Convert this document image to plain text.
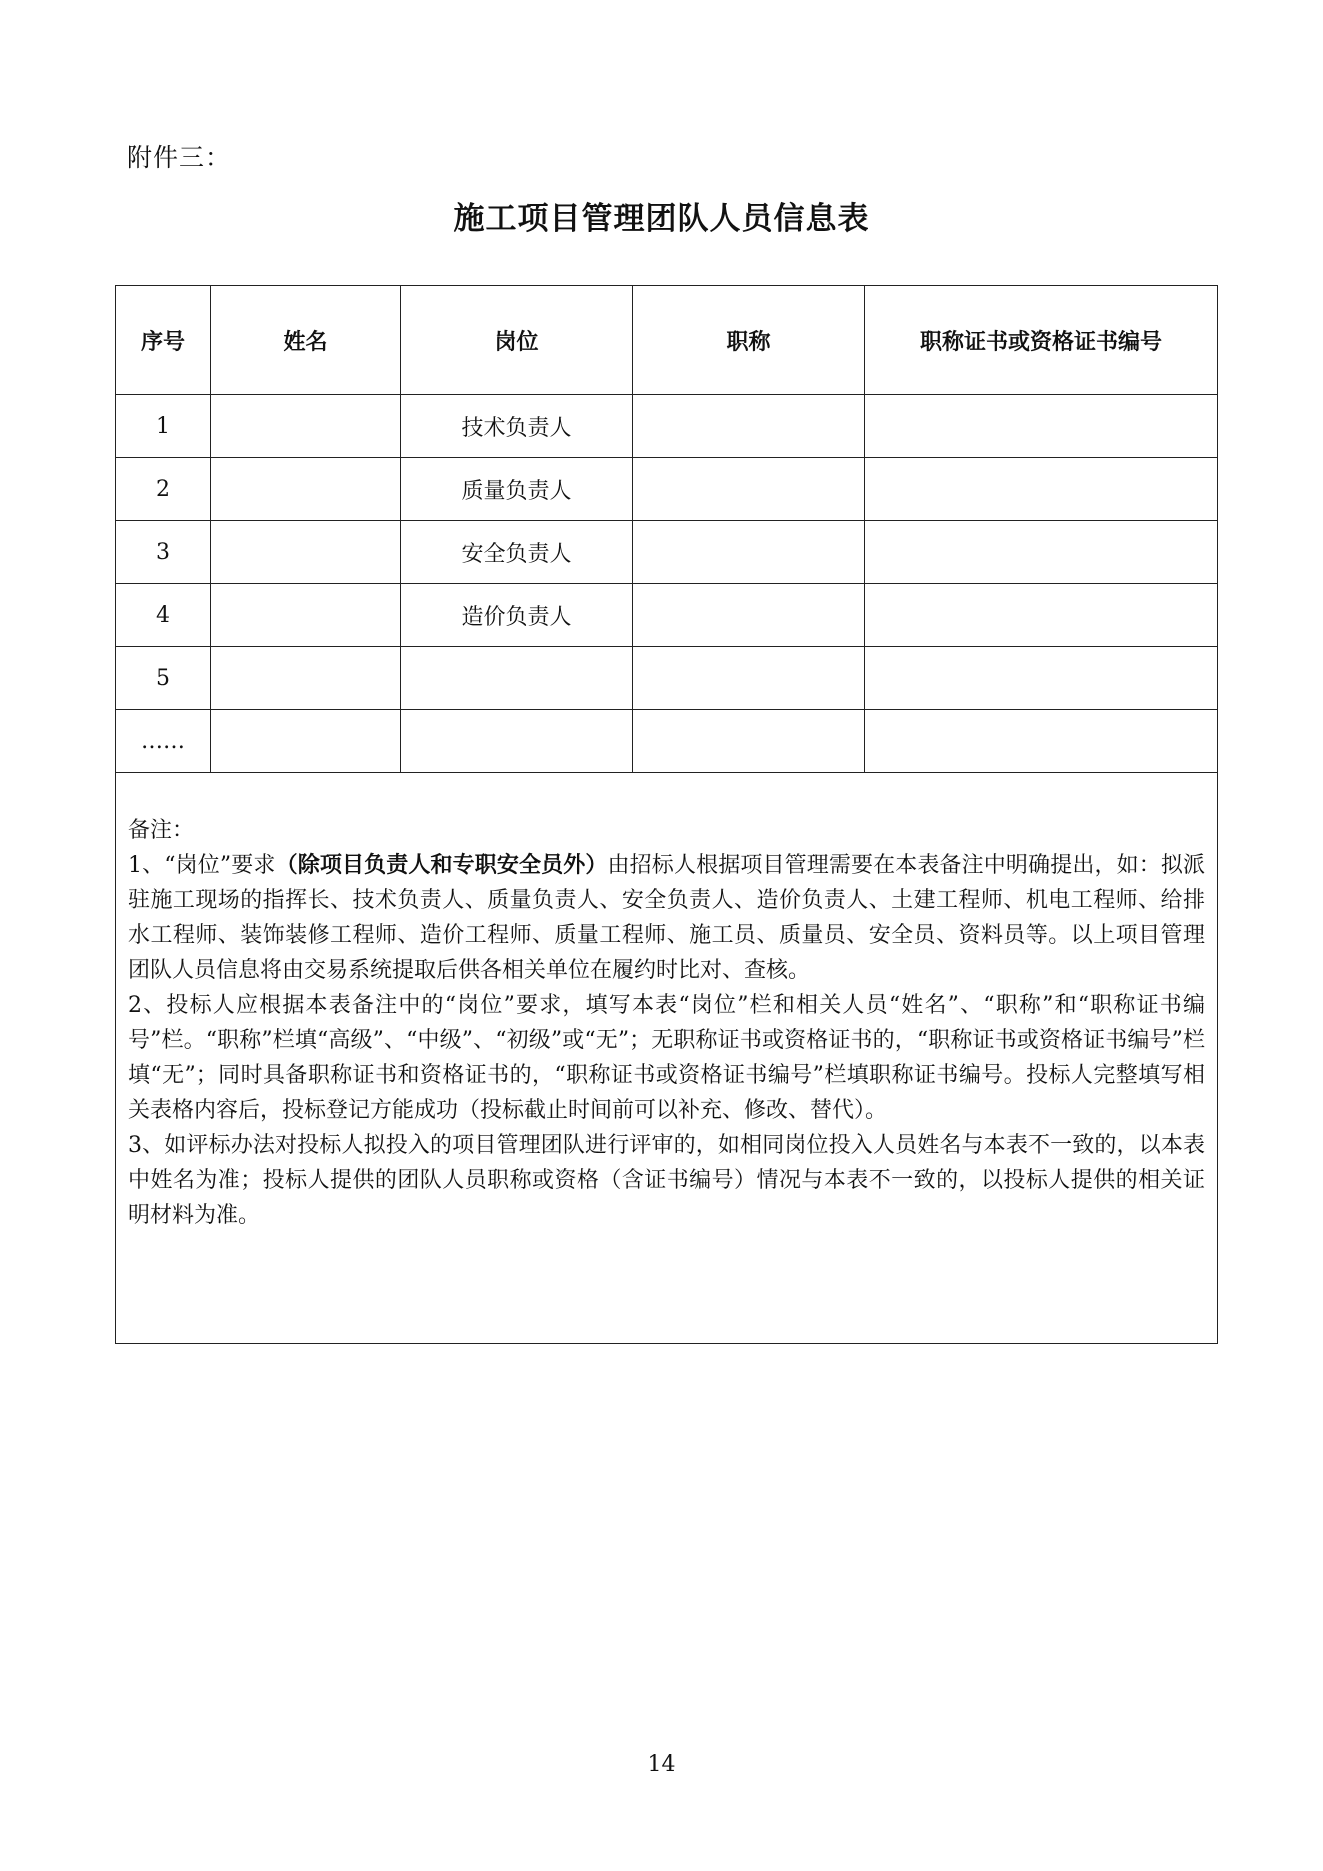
附件三：
施工项目管理团队人员信息表
序号	姓名	岗位	职称	职称证书或资格证书编号
1		技术负责人		
2		质量负责人		
3		安全负责人		
4		造价负责人		
5				
……				

备注：

1、“岗位”要求（除项目负责人和专职安全员外）由招标人根据项目管理需要在本表备注中明确提出，如：拟派驻施工现场的指挥长、技术负责人、质量负责人、安全负责人、造价负责人、土建工程师、机电工程师、给排水工程师、装饰装修工程师、造价工程师、质量工程师、施工员、质量员、安全员、资料员等。以上项目管理团队人员信息将由交易系统提取后供各相关单位在履约时比对、查核。

2、投标人应根据本表备注中的“岗位”要求，填写本表“岗位”栏和相关人员“姓名”、“职称”和“职称证书编号”栏。“职称”栏填“高级”、“中级”、“初级”或“无”；无职称证书或资格证书的，“职称证书或资格证书编号”栏填“无”；同时具备职称证书和资格证书的，“职称证书或资格证书编号”栏填职称证书编号。投标人完整填写相关表格内容后，投标登记方能成功（投标截止时间前可以补充、修改、替代）。

3、如评标办法对投标人拟投入的项目管理团队进行评审的，如相同岗位投入人员姓名与本表不一致的，以本表中姓名为准；投标人提供的团队人员职称或资格（含证书编号）情况与本表不一致的，以投标人提供的相关证明材料为准。				

14
